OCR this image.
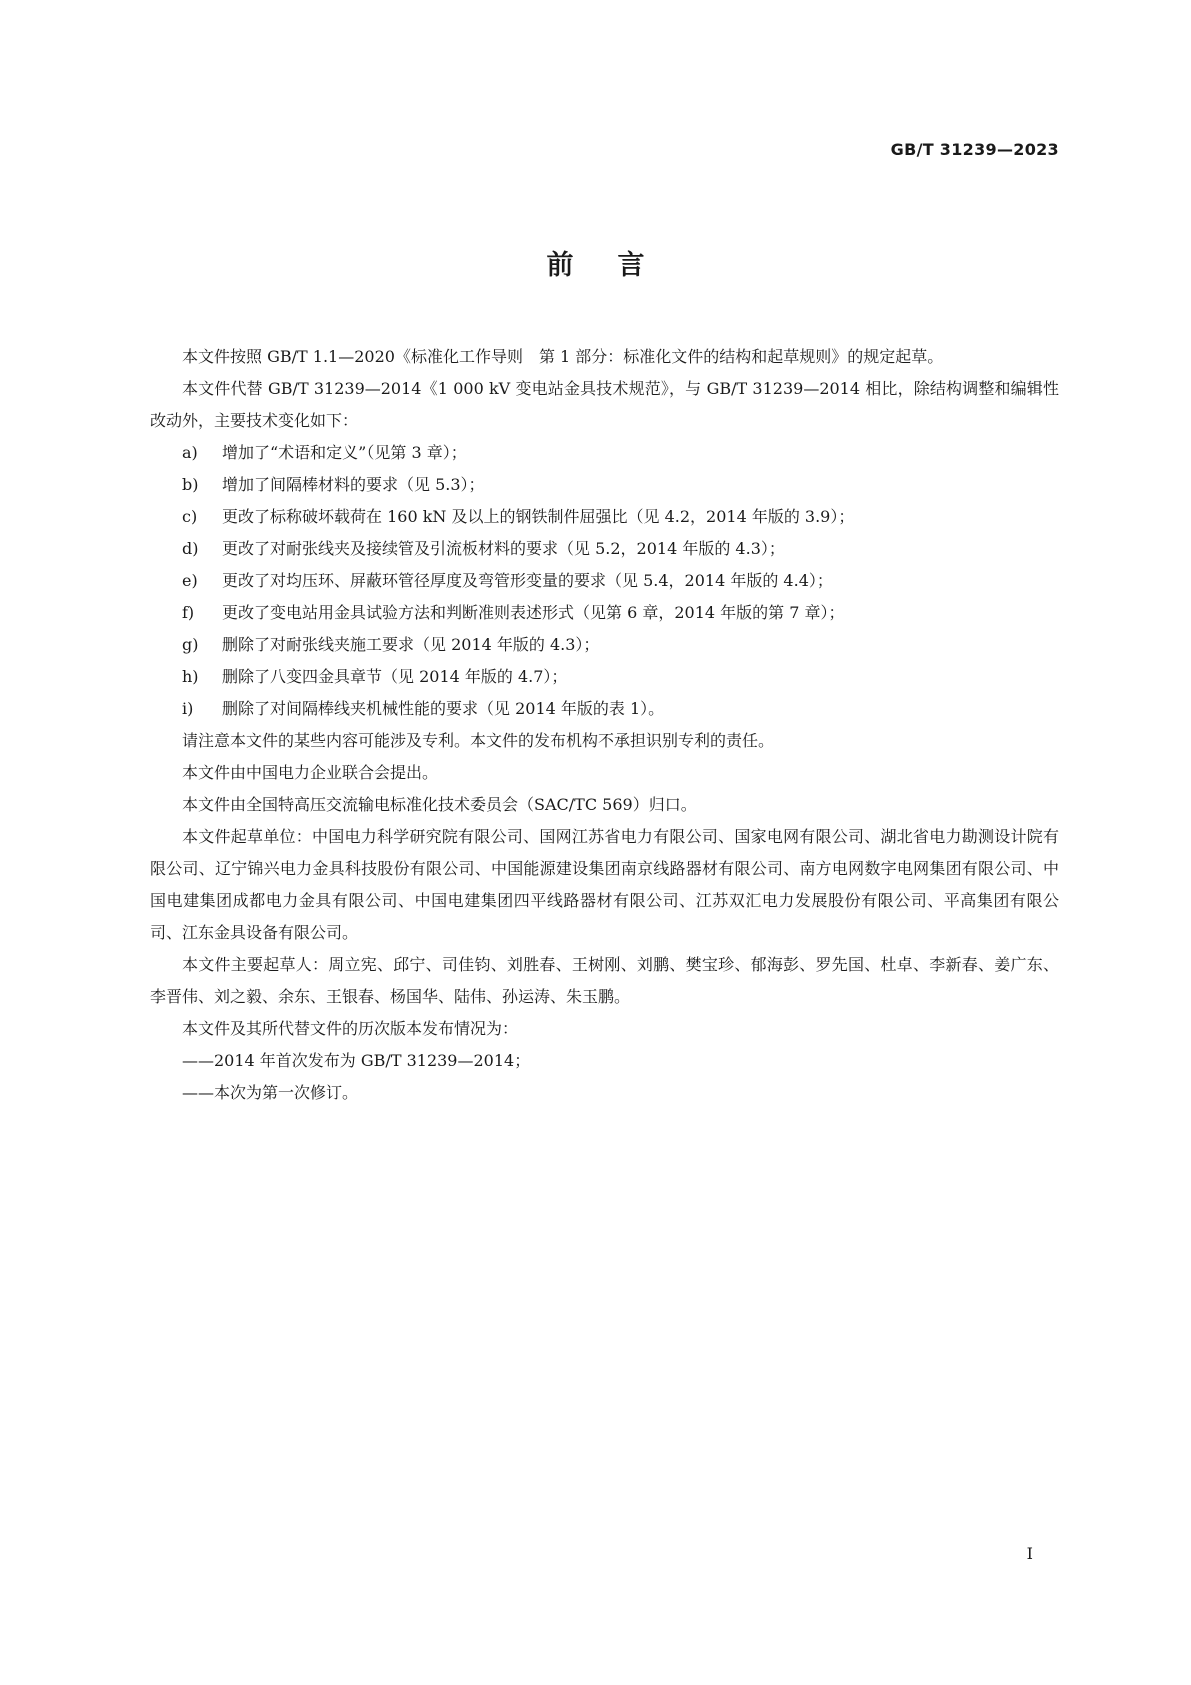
GB/T 31239—2023
前言

本文件按照 GB/T 1.1—2020《标准化工作导则　第 1 部分：标准化文件的结构和起草规则》的规定起草。

本文件代替 GB/T 31239—2014《1 000 kV 变电站金具技术规范》，与 GB/T 31239—2014 相比，除结构调整和编辑性改动外，主要技术变化如下：

a) 增加了“术语和定义”（见第 3 章）；
b) 增加了间隔棒材料的要求（见 5.3）；
c) 更改了标称破坏载荷在 160 kN 及以上的钢铁制件屈强比（见 4.2，2014 年版的 3.9）；
d) 更改了对耐张线夹及接续管及引流板材料的要求（见 5.2，2014 年版的 4.3）；
e) 更改了对均压环、屏蔽环管径厚度及弯管形变量的要求（见 5.4，2014 年版的 4.4）；
f) 更改了变电站用金具试验方法和判断准则表述形式（见第 6 章，2014 年版的第 7 章）；
g) 删除了对耐张线夹施工要求（见 2014 年版的 4.3）；
h) 删除了八变四金具章节（见 2014 年版的 4.7）；
i) 删除了对间隔棒线夹机械性能的要求（见 2014 年版的表 1）。

请注意本文件的某些内容可能涉及专利。本文件的发布机构不承担识别专利的责任。

本文件由中国电力企业联合会提出。

本文件由全国特高压交流输电标准化技术委员会（SAC/TC 569）归口。

本文件起草单位：中国电力科学研究院有限公司、国网江苏省电力有限公司、国家电网有限公司、湖北省电力勘测设计院有限公司、辽宁锦兴电力金具科技股份有限公司、中国能源建设集团南京线路器材有限公司、南方电网数字电网集团有限公司、中国电建集团成都电力金具有限公司、中国电建集团四平线路器材有限公司、江苏双汇电力发展股份有限公司、平高集团有限公司、江东金具设备有限公司。

本文件主要起草人：周立宪、邱宁、司佳钧、刘胜春、王树刚、刘鹏、樊宝珍、郁海彭、罗先国、杜卓、李新春、姜广东、李晋伟、刘之毅、余东、王银春、杨国华、陆伟、孙运涛、朱玉鹏。

本文件及其所代替文件的历次版本发布情况为：

——2014 年首次发布为 GB/T 31239—2014；
——本次为第一次修订。
I
